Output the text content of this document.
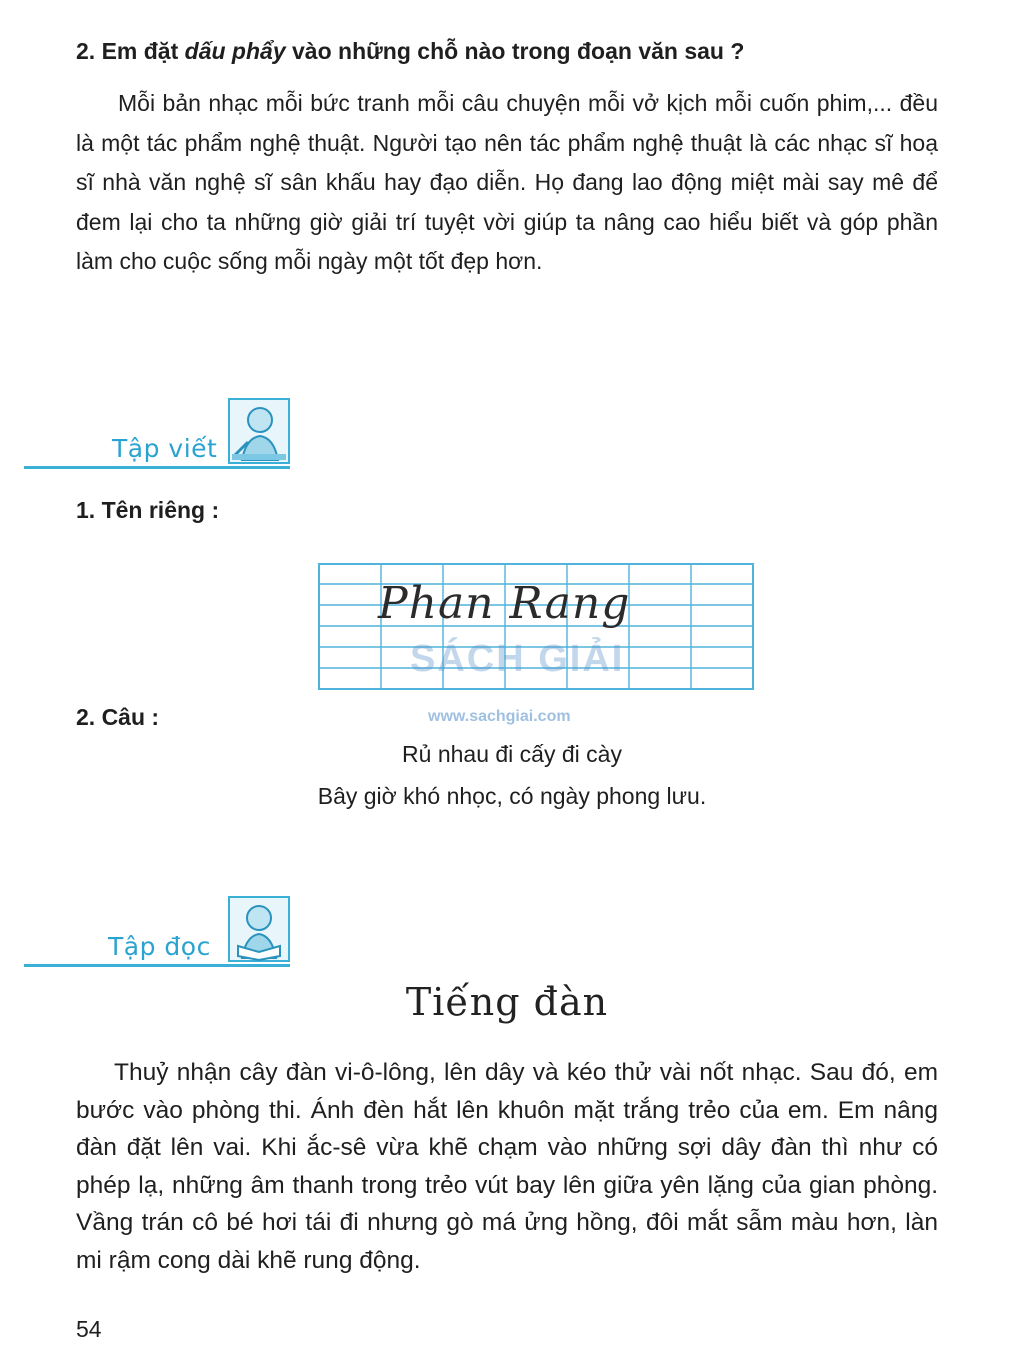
2. Em đặt dấu phẩy vào những chỗ nào trong đoạn văn sau ?
Mỗi bản nhạc mỗi bức tranh mỗi câu chuyện mỗi vở kịch mỗi cuốn phim,... đều là một tác phẩm nghệ thuật. Người tạo nên tác phẩm nghệ thuật là các nhạc sĩ hoạ sĩ nhà văn nghệ sĩ sân khấu hay đạo diễn. Họ đang lao động miệt mài say mê để đem lại cho ta những giờ giải trí tuyệt vời giúp ta nâng cao hiểu biết và góp phần làm cho cuộc sống mỗi ngày một tốt đẹp hơn.
Tập viết
1. Tên riêng :
Phan Rang
SÁCH GIẢI
www.sachgiai.com
2. Câu :
Rủ nhau đi cấy đi cày
Bây giờ khó nhọc, có ngày phong lưu.
Tập đọc
Tiếng đàn
Thuỷ nhận cây đàn vi-ô-lông, lên dây và kéo thử vài nốt nhạc. Sau đó, em bước vào phòng thi. Ánh đèn hắt lên khuôn mặt trắng trẻo của em. Em nâng đàn đặt lên vai. Khi ắc-sê vừa khẽ chạm vào những sợi dây đàn thì như có phép lạ, những âm thanh trong trẻo vút bay lên giữa yên lặng của gian phòng. Vầng trán cô bé hơi tái đi nhưng gò má ửng hồng, đôi mắt sẫm màu hơn, làn mi rậm cong dài khẽ rung động.
54
